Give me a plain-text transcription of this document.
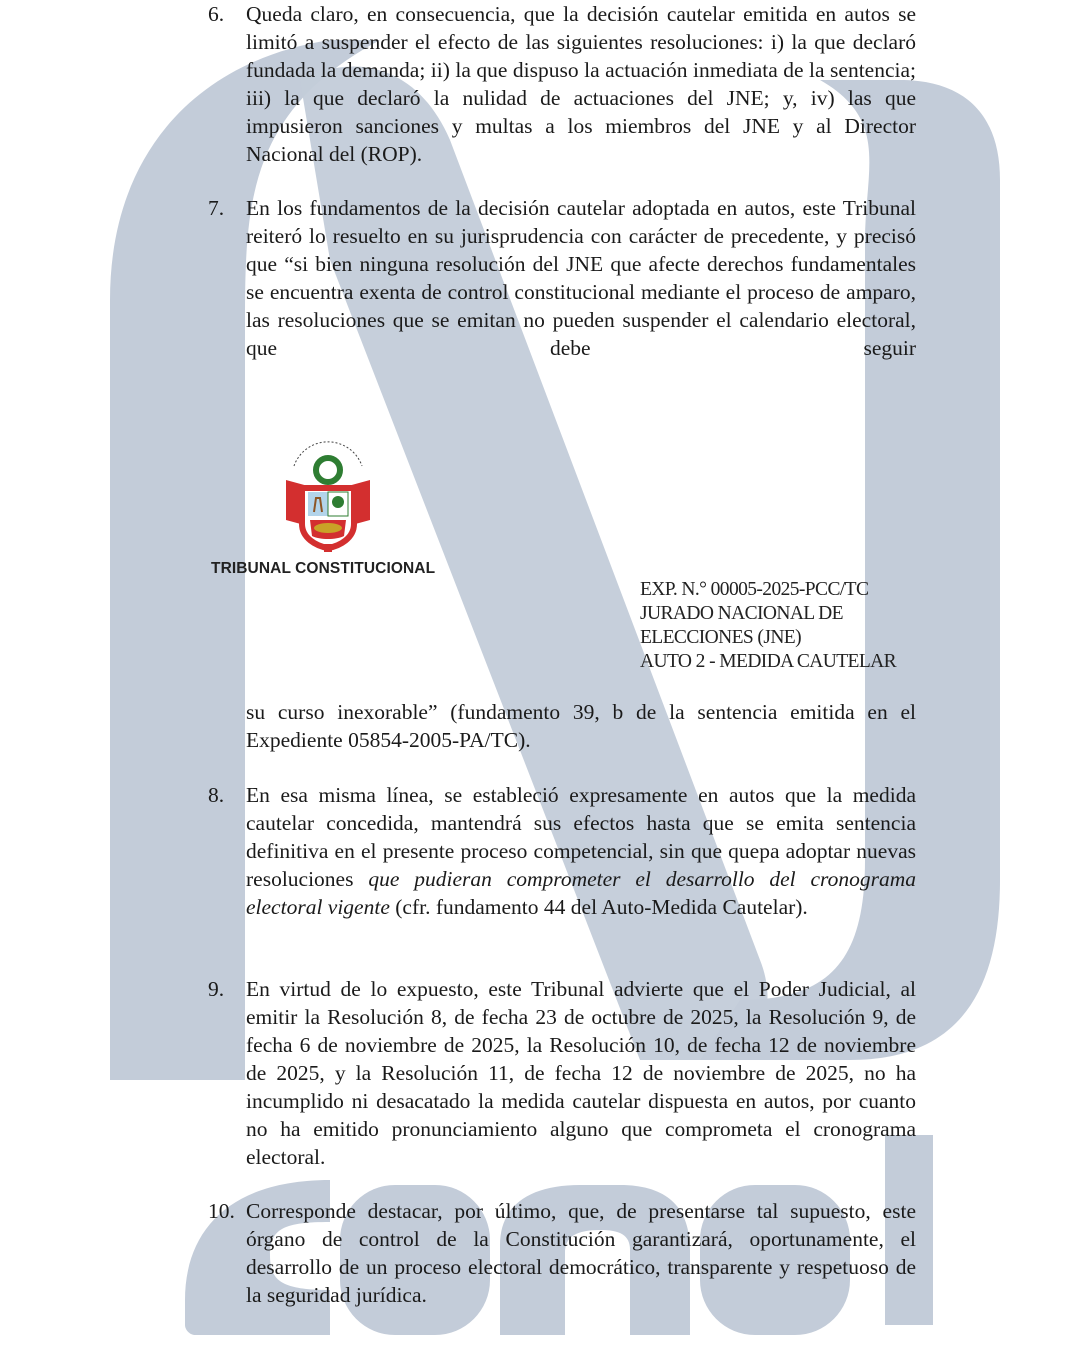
6.	Queda claro, en consecuencia, que la decisión cautelar emitida en autos se limitó a suspender el efecto de las siguientes resoluciones: i) la que declaró fundada la demanda; ii) la que dispuso la actuación inmediata de la sentencia; iii) la que declaró la nulidad de actuaciones del JNE; y, iv) las que impusieron sanciones y multas a los miembros del JNE y al Director Nacional del (ROP).
7.	En los fundamentos de la decisión cautelar adoptada en autos, este Tribunal reiteró lo resuelto en su jurisprudencia con carácter de precedente, y precisó que “si bien ninguna resolución del JNE que afecte derechos fundamentales se encuentra exenta de control constitucional mediante el proceso de amparo, las resoluciones que se emitan no pueden suspender el calendario electoral, que debe seguir
TRIBUNAL CONSTITUCIONAL
EXP. N.° 00005-2025-PCC/TC
JURADO NACIONAL DE
ELECCIONES (JNE)
AUTO 2 - MEDIDA CAUTELAR
su curso inexorable” (fundamento 39, b de la sentencia emitida en el Expediente 05854-2005-PA/TC).
8.	En esa misma línea, se estableció expresamente en autos que la medida cautelar concedida, mantendrá sus efectos hasta que se emita sentencia definitiva en el presente proceso competencial, sin que quepa adoptar nuevas resoluciones que pudieran comprometer el desarrollo del cronograma electoral vigente (cfr. fundamento 44 del Auto-Medida Cautelar).
9.	En virtud de lo expuesto, este Tribunal advierte que el Poder Judicial, al emitir la Resolución 8, de fecha 23 de octubre de 2025, la Resolución 9, de fecha 6 de noviembre de 2025, la Resolución 10, de fecha 12 de noviembre de 2025, y la Resolución 11, de fecha 12 de noviembre de 2025, no ha incumplido ni desacatado la medida cautelar dispuesta en autos, por cuanto no ha emitido pronunciamiento alguno que comprometa el cronograma electoral.
10. Corresponde destacar, por último, que, de presentarse tal supuesto, este órgano de control de la Constitución garantizará, oportunamente, el desarrollo de un proceso electoral democrático, transparente y respetuoso de la seguridad jurídica.
